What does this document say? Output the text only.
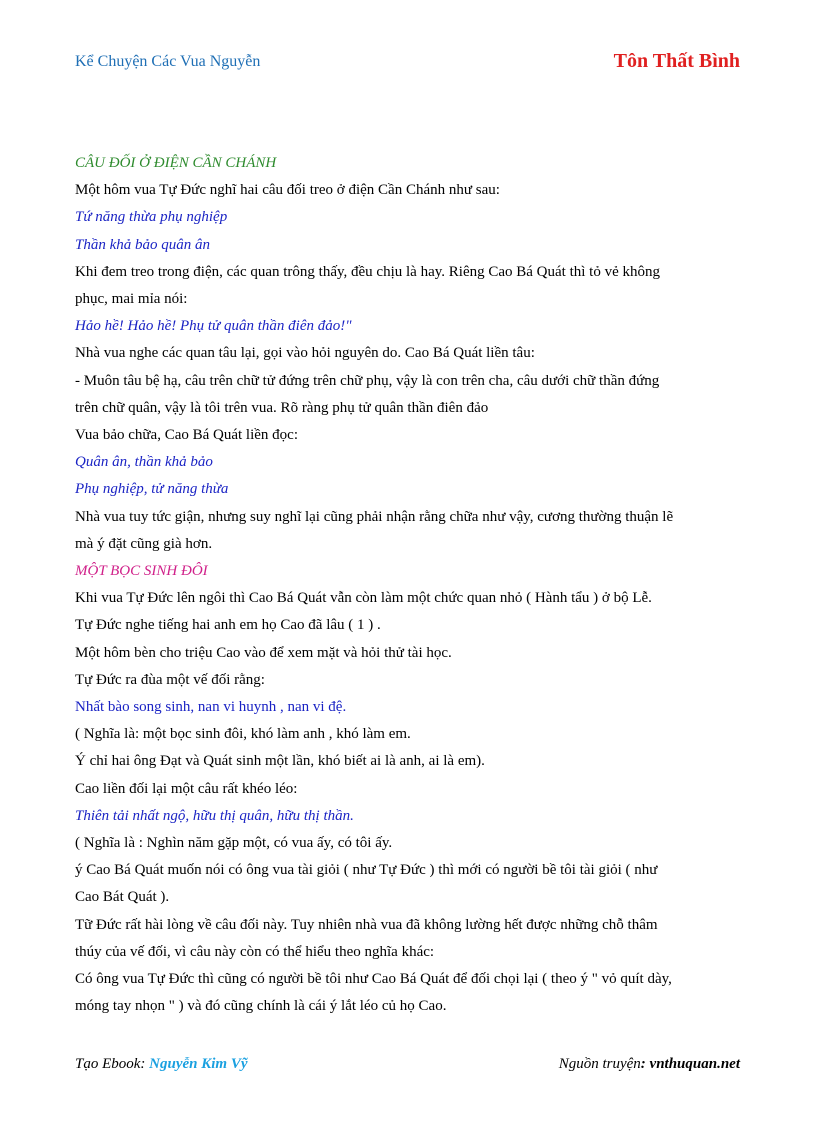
Kể Chuyện Các Vua Nguyễn	Tôn Thất Bình
CÂU ĐỐI Ở ĐIỆN CẦN CHÁNH
Một hôm vua Tự Đức nghĩ hai câu đối treo ở điện Cần Chánh như sau:
Tứ năng thừa phụ nghiệp
Thần khả bảo quân ân
Khi đem treo trong điện, các quan trông thấy, đều chịu là hay. Riêng Cao Bá Quát thì tỏ vẻ không
phục, mai mỉa nói:
Hảo hề! Hảo hề! Phụ tử quân thần điên đảo!"
Nhà vua nghe các quan tâu lại, gọi vào hỏi nguyên do. Cao Bá Quát liền tâu:
- Muôn tâu bệ hạ, câu trên chữ tử đứng trên chữ phụ, vậy là con trên cha, câu dưới chữ thần đứng
trên chữ quân, vậy là tôi trên vua. Rõ ràng phụ tử quân thần điên đảo
Vua bảo chữa, Cao Bá Quát liền đọc:
Quân ân, thần khả bảo
Phụ nghiệp, tử năng thừa
Nhà vua tuy tức giận, nhưng suy nghĩ lại cũng phải nhận rằng chữa như vậy, cương thường thuận lẽ
mà ý đặt cũng già hơn.
MỘT BỌC SINH ĐÔI
Khi vua Tự Đức lên ngôi thì Cao Bá Quát vẫn còn làm một chức quan nhỏ ( Hành tẩu ) ở bộ Lễ.
Tự Đức nghe tiếng hai anh em họ Cao đã lâu ( 1 ) .
Một hôm bèn cho triệu Cao vào để xem mặt và hỏi thử tài học.
Tự Đức ra đùa một vế đối rằng:
Nhất bào song sinh, nan vi huynh , nan vi đệ.
( Nghĩa là: một bọc sinh đôi, khó làm anh , khó làm em.
Ý chỉ hai ông Đạt và Quát sinh một lần, khó biết ai là anh, ai là em).
Cao liền đối lại một câu rất khéo léo:
Thiên tải nhất ngộ, hữu thị quân, hữu thị thần.
( Nghĩa là : Nghìn năm gặp một, có vua ấy, có tôi ấy.
ý Cao Bá Quát muốn nói có ông vua tài giỏi ( như Tự Đức ) thì mới có người bề tôi tài giỏi ( như
Cao Bát Quát ).
Tữ Đức rất hài lòng về câu đối này. Tuy nhiên nhà vua đã không lường hết được những chỗ thâm
thúy của vế đối, vì câu này còn có thể hiểu theo nghĩa khác:
Có ông vua Tự Đức thì cũng có người bề tôi như Cao Bá Quát để đối chọi lại ( theo ý " vỏ quít dày,
móng tay nhọn " ) và đó cũng chính là cái ý lắt léo củ họ Cao.
Tạo Ebook: Nguyễn Kim Vỹ	Nguồn truyện: vnthuquan.net
